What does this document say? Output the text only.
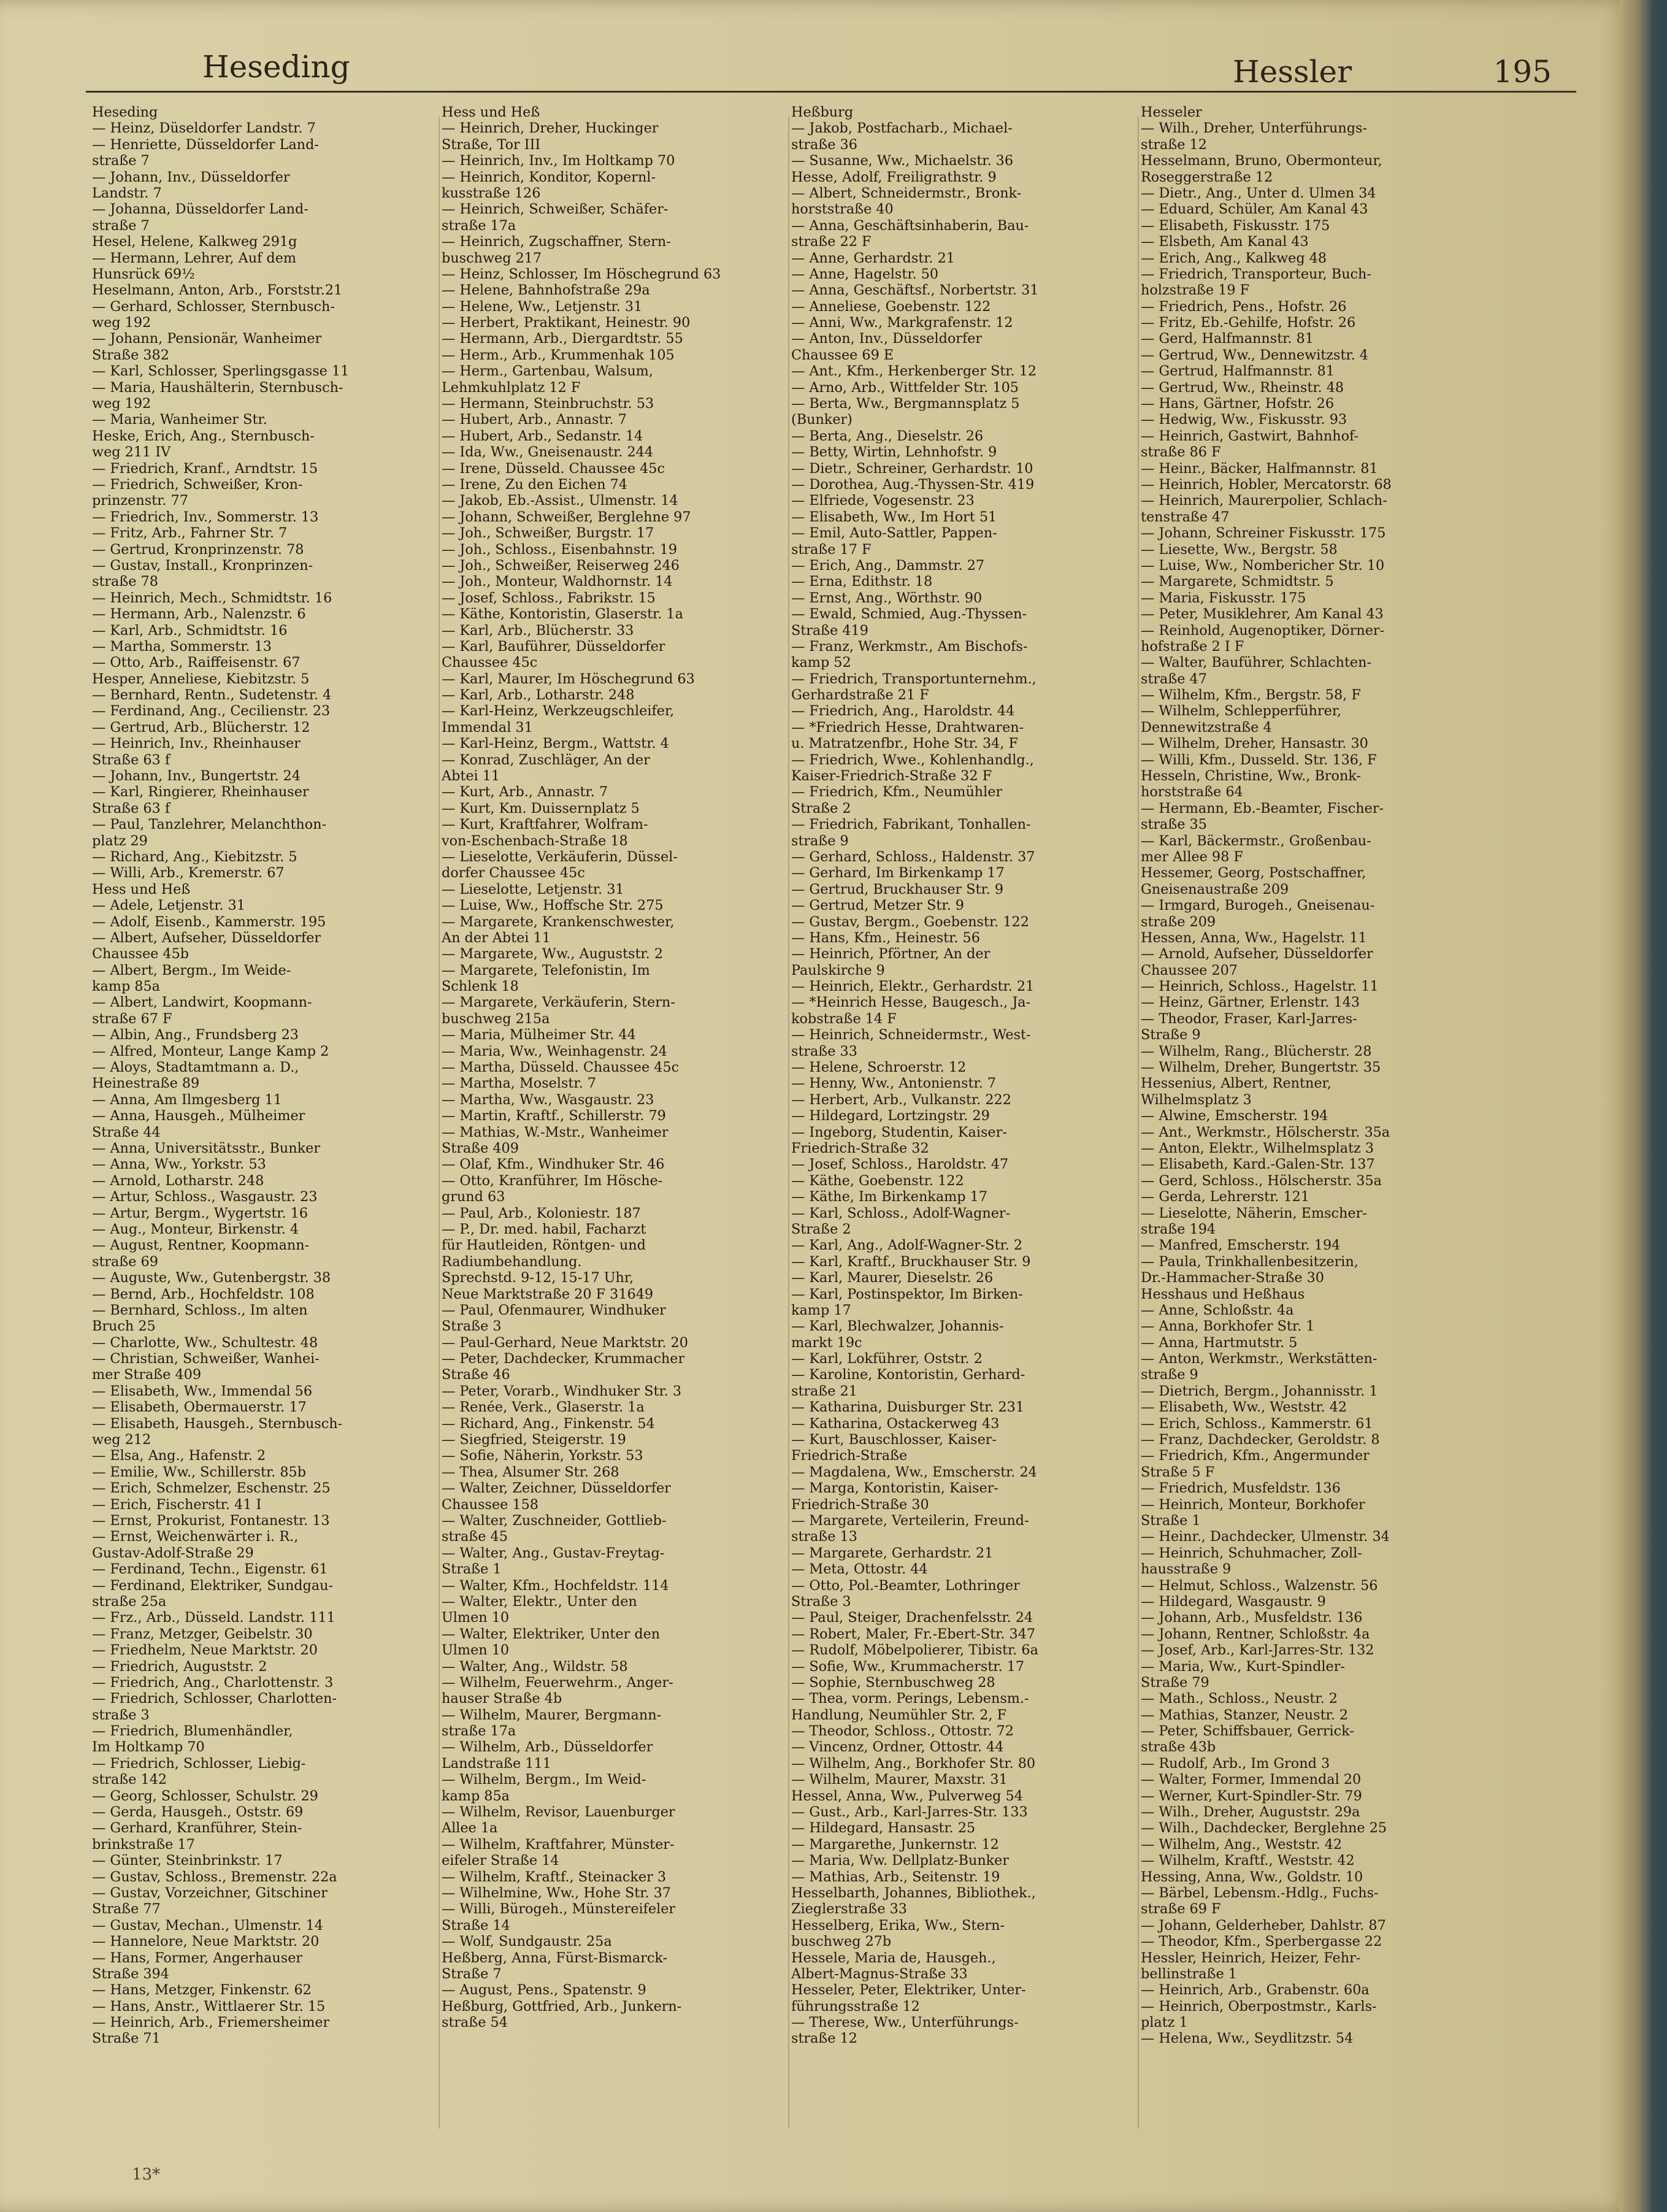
Heseding	Hessler	195
Heseding
— Heinz, Düseldorfer Landstr. 7
— Henriette, Düsseldorfer Land-
straße 7
— Johann, Inv., Düsseldorfer
Landstr. 7
— Johanna, Düsseldorfer Land-
straße 7
Hesel, Helene, Kalkweg 291g
— Hermann, Lehrer, Auf dem
Hunsrück 69½
Heselmann, Anton, Arb., Forststr.21
— Gerhard, Schlosser, Sternbusch-
weg 192
— Johann, Pensionär, Wanheimer
Straße 382
— Karl, Schlosser, Sperlingsgasse 11
— Maria, Haushälterin, Sternbusch-
weg 192
— Maria, Wanheimer Str.
Heske, Erich, Ang., Sternbusch-
weg 211 IV
— Friedrich, Kranf., Arndtstr. 15
— Friedrich, Schweißer, Kron-
prinzenstr. 77
— Friedrich, Inv., Sommerstr. 13
— Fritz, Arb., Fahrner Str. 7
— Gertrud, Kronprinzenstr. 78
— Gustav, Install., Kronprinzen-
straße 78
— Heinrich, Mech., Schmidtstr. 16
— Hermann, Arb., Nalenzstr. 6
— Karl, Arb., Schmidtstr. 16
— Martha, Sommerstr. 13
— Otto, Arb., Raiffeisenstr. 67
Hesper, Anneliese, Kiebitzstr. 5
— Bernhard, Rentn., Sudetenstr. 4
— Ferdinand, Ang., Cecilienstr. 23
— Gertrud, Arb., Blücherstr. 12
— Heinrich, Inv., Rheinhauser
Straße 63 f
— Johann, Inv., Bungertstr. 24
— Karl, Ringierer, Rheinhauser
Straße 63 f
— Paul, Tanzlehrer, Melanchthon-
platz 29
— Richard, Ang., Kiebitzstr. 5
— Willi, Arb., Kremerstr. 67
Hess und Heß
— Adele, Letjenstr. 31
— Adolf, Eisenb., Kammerstr. 195
— Albert, Aufseher, Düsseldorfer
Chaussee 45b
— Albert, Bergm., Im Weide-
kamp 85a
— Albert, Landwirt, Koopmann-
straße 67 F
— Albin, Ang., Frundsberg 23
— Alfred, Monteur, Lange Kamp 2
— Aloys, Stadtamtmann a. D.,
Heinestraße 89
— Anna, Am Ilmgesberg 11
— Anna, Hausgeh., Mülheimer
Straße 44
— Anna, Universitätsstr., Bunker
— Anna, Ww., Yorkstr. 53
— Arnold, Lotharstr. 248
— Artur, Schloss., Wasgaustr. 23
— Artur, Bergm., Wygertstr. 16
— Aug., Monteur, Birkenstr. 4
— August, Rentner, Koopmann-
straße 69
— Auguste, Ww., Gutenbergstr. 38
— Bernd, Arb., Hochfeldstr. 108
— Bernhard, Schloss., Im alten
Bruch 25
— Charlotte, Ww., Schultestr. 48
— Christian, Schweißer, Wanhei-
mer Straße 409
— Elisabeth, Ww., Immendal 56
— Elisabeth, Obermauerstr. 17
— Elisabeth, Hausgeh., Sternbusch-
weg 212
— Elsa, Ang., Hafenstr. 2
— Emilie, Ww., Schillerstr. 85b
— Erich, Schmelzer, Eschenstr. 25
— Erich, Fischerstr. 41 I
— Ernst, Prokurist, Fontanestr. 13
— Ernst, Weichenwärter i. R.,
Gustav-Adolf-Straße 29
— Ferdinand, Techn., Eigenstr. 61
— Ferdinand, Elektriker, Sundgau-
straße 25a
— Frz., Arb., Düsseld. Landstr. 111
— Franz, Metzger, Geibelstr. 30
— Friedhelm, Neue Marktstr. 20
— Friedrich, Auguststr. 2
— Friedrich, Ang., Charlottenstr. 3
— Friedrich, Schlosser, Charlotten-
straße 3
— Friedrich, Blumenhändler,
Im Holtkamp 70
— Friedrich, Schlosser, Liebig-
straße 142
— Georg, Schlosser, Schulstr. 29
— Gerda, Hausgeh., Oststr. 69
— Gerhard, Kranführer, Stein-
brinkstraße 17
— Günter, Steinbrinkstr. 17
— Gustav, Schloss., Bremenstr. 22a
— Gustav, Vorzeichner, Gitschiner
Straße 77
— Gustav, Mechan., Ulmenstr. 14
— Hannelore, Neue Marktstr. 20
— Hans, Former, Angerhauser
Straße 394
— Hans, Metzger, Finkenstr. 62
— Hans, Anstr., Wittlaerer Str. 15
— Heinrich, Arb., Friemersheimer
Straße 71
Hess und Heß
— Heinrich, Dreher, Huckinger
Straße, Tor III
— Heinrich, Inv., Im Holtkamp 70
— Heinrich, Konditor, Kopernl-
kusstraße 126
— Heinrich, Schweißer, Schäfer-
straße 17a
— Heinrich, Zugschaffner, Stern-
buschweg 217
— Heinz, Schlosser, Im Höschegrund 63
— Helene, Bahnhofstraße 29a
— Helene, Ww., Letjenstr. 31
— Herbert, Praktikant, Heinestr. 90
— Hermann, Arb., Diergardtstr. 55
— Herm., Arb., Krummenhak 105
— Herm., Gartenbau, Walsum,
Lehmkuhlplatz 12 F
— Hermann, Steinbruchstr. 53
— Hubert, Arb., Annastr. 7
— Hubert, Arb., Sedanstr. 14
— Ida, Ww., Gneisenaustr. 244
— Irene, Düsseld. Chaussee 45c
— Irene, Zu den Eichen 74
— Jakob, Eb.-Assist., Ulmenstr. 14
— Johann, Schweißer, Berglehne 97
— Joh., Schweißer, Burgstr. 17
— Joh., Schloss., Eisenbahnstr. 19
— Joh., Schweißer, Reiserweg 246
— Joh., Monteur, Waldhornstr. 14
— Josef, Schloss., Fabrikstr. 15
— Käthe, Kontoristin, Glaserstr. 1a
— Karl, Arb., Blücherstr. 33
— Karl, Bauführer, Düsseldorfer
Chaussee 45c
— Karl, Maurer, Im Höschegrund 63
— Karl, Arb., Lotharstr. 248
— Karl-Heinz, Werkzeugschleifer,
Immendal 31
— Karl-Heinz, Bergm., Wattstr. 4
— Konrad, Zuschläger, An der
Abtei 11
— Kurt, Arb., Annastr. 7
— Kurt, Km. Duissernplatz 5
— Kurt, Kraftfahrer, Wolfram-
von-Eschenbach-Straße 18
— Lieselotte, Verkäuferin, Düssel-
dorfer Chaussee 45c
— Lieselotte, Letjenstr. 31
— Luise, Ww., Hoffsche Str. 275
— Margarete, Krankenschwester,
An der Abtei 11
— Margarete, Ww., Auguststr. 2
— Margarete, Telefonistin, Im
Schlenk 18
— Margarete, Verkäuferin, Stern-
buschweg 215a
— Maria, Mülheimer Str. 44
— Maria, Ww., Weinhagenstr. 24
— Martha, Düsseld. Chaussee 45c
— Martha, Moselstr. 7
— Martha, Ww., Wasgaustr. 23
— Martin, Kraftf., Schillerstr. 79
— Mathias, W.-Mstr., Wanheimer
Straße 409
— Olaf, Kfm., Windhuker Str. 46
— Otto, Kranführer, Im Hösche-
grund 63
— Paul, Arb., Koloniestr. 187
— P., Dr. med. habil, Facharzt
für Hautleiden, Röntgen- und
Radiumbehandlung.
Sprechstd. 9-12, 15-17 Uhr,
Neue Marktstraße 20 F 31649
— Paul, Ofenmaurer, Windhuker
Straße 3
— Paul-Gerhard, Neue Marktstr. 20
— Peter, Dachdecker, Krummacher
Straße 46
— Peter, Vorarb., Windhuker Str. 3
— Renée, Verk., Glaserstr. 1a
— Richard, Ang., Finkenstr. 54
— Siegfried, Steigerstr. 19
— Sofie, Näherin, Yorkstr. 53
— Thea, Alsumer Str. 268
— Walter, Zeichner, Düsseldorfer
Chaussee 158
— Walter, Zuschneider, Gottlieb-
straße 45
— Walter, Ang., Gustav-Freytag-
Straße 1
— Walter, Kfm., Hochfeldstr. 114
— Walter, Elektr., Unter den
Ulmen 10
— Walter, Elektriker, Unter den
Ulmen 10
— Walter, Ang., Wildstr. 58
— Wilhelm, Feuerwehrm., Anger-
hauser Straße 4b
— Wilhelm, Maurer, Bergmann-
straße 17a
— Wilhelm, Arb., Düsseldorfer
Landstraße 111
— Wilhelm, Bergm., Im Weid-
kamp 85a
— Wilhelm, Revisor, Lauenburger
Allee 1a
— Wilhelm, Kraftfahrer, Münster-
eifeler Straße 14
— Wilhelm, Kraftf., Steinacker 3
— Wilhelmine, Ww., Hohe Str. 37
— Willi, Bürogeh., Münstereifeler
Straße 14
— Wolf, Sundgaustr. 25a
Heßberg, Anna, Fürst-Bismarck-
Straße 7
— August, Pens., Spatenstr. 9
Heßburg, Gottfried, Arb., Junkern-
straße 54
Heßburg
— Jakob, Postfacharb., Michael-
straße 36
— Susanne, Ww., Michaelstr. 36
Hesse, Adolf, Freiligrathstr. 9
— Albert, Schneidermstr., Bronk-
horststraße 40
— Anna, Geschäftsinhaberin, Bau-
straße 22 F
— Anne, Gerhardstr. 21
— Anne, Hagelstr. 50
— Anna, Geschäftsf., Norbertstr. 31
— Anneliese, Goebenstr. 122
— Anni, Ww., Markgrafenstr. 12
— Anton, Inv., Düsseldorfer
Chaussee 69 E
— Ant., Kfm., Herkenberger Str. 12
— Arno, Arb., Wittfelder Str. 105
— Berta, Ww., Bergmannsplatz 5
(Bunker)
— Berta, Ang., Dieselstr. 26
— Betty, Wirtin, Lehnhofstr. 9
— Dietr., Schreiner, Gerhardstr. 10
— Dorothea, Aug.-Thyssen-Str. 419
— Elfriede, Vogesenstr. 23
— Elisabeth, Ww., Im Hort 51
— Emil, Auto-Sattler, Pappen-
straße 17 F
— Erich, Ang., Dammstr. 27
— Erna, Edithstr. 18
— Ernst, Ang., Wörthstr. 90
— Ewald, Schmied, Aug.-Thyssen-
Straße 419
— Franz, Werkmstr., Am Bischofs-
kamp 52
— Friedrich, Transportunternehm.,
Gerhardstraße 21 F
— Friedrich, Ang., Haroldstr. 44
— *Friedrich Hesse, Drahtwaren-
u. Matratzenfbr., Hohe Str. 34, F
— Friedrich, Wwe., Kohlenhandlg.,
Kaiser-Friedrich-Straße 32 F
— Friedrich, Kfm., Neumühler
Straße 2
— Friedrich, Fabrikant, Tonhallen-
straße 9
— Gerhard, Schloss., Haldenstr. 37
— Gerhard, Im Birkenkamp 17
— Gertrud, Bruckhauser Str. 9
— Gertrud, Metzer Str. 9
— Gustav, Bergm., Goebenstr. 122
— Hans, Kfm., Heinestr. 56
— Heinrich, Pförtner, An der
Paulskirche 9
— Heinrich, Elektr., Gerhardstr. 21
— *Heinrich Hesse, Baugesch., Ja-
kobstraße 14 F
— Heinrich, Schneidermstr., West-
straße 33
— Helene, Schroerstr. 12
— Henny, Ww., Antonienstr. 7
— Herbert, Arb., Vulkanstr. 222
— Hildegard, Lortzingstr. 29
— Ingeborg, Studentin, Kaiser-
Friedrich-Straße 32
— Josef, Schloss., Haroldstr. 47
— Käthe, Goebenstr. 122
— Käthe, Im Birkenkamp 17
— Karl, Schloss., Adolf-Wagner-
Straße 2
— Karl, Ang., Adolf-Wagner-Str. 2
— Karl, Kraftf., Bruckhauser Str. 9
— Karl, Maurer, Dieselstr. 26
— Karl, Postinspektor, Im Birken-
kamp 17
— Karl, Blechwalzer, Johannis-
markt 19c
— Karl, Lokführer, Oststr. 2
— Karoline, Kontoristin, Gerhard-
straße 21
— Katharina, Duisburger Str. 231
— Katharina, Ostackerweg 43
— Kurt, Bauschlosser, Kaiser-
Friedrich-Straße
— Magdalena, Ww., Emscherstr. 24
— Marga, Kontoristin, Kaiser-
Friedrich-Straße 30
— Margarete, Verteilerin, Freund-
straße 13
— Margarete, Gerhardstr. 21
— Meta, Ottostr. 44
— Otto, Pol.-Beamter, Lothringer
Straße 3
— Paul, Steiger, Drachenfelsstr. 24
— Robert, Maler, Fr.-Ebert-Str. 347
— Rudolf, Möbelpolierer, Tibistr. 6a
— Sofie, Ww., Krummacherstr. 17
— Sophie, Sternbuschweg 28
— Thea, vorm. Perings, Lebensm.-
Handlung, Neumühler Str. 2, F
— Theodor, Schloss., Ottostr. 72
— Vincenz, Ordner, Ottostr. 44
— Wilhelm, Ang., Borkhofer Str. 80
— Wilhelm, Maurer, Maxstr. 31
Hessel, Anna, Ww., Pulverweg 54
— Gust., Arb., Karl-Jarres-Str. 133
— Hildegard, Hansastr. 25
— Margarethe, Junkernstr. 12
— Maria, Ww. Dellplatz-Bunker
— Mathias, Arb., Seitenstr. 19
Hesselbarth, Johannes, Bibliothek.,
Zieglerstraße 33
Hesselberg, Erika, Ww., Stern-
buschweg 27b
Hessele, Maria de, Hausgeh.,
Albert-Magnus-Straße 33
Hesseler, Peter, Elektriker, Unter-
führungsstraße 12
— Therese, Ww., Unterführungs-
straße 12
Hesseler
— Wilh., Dreher, Unterführungs-
straße 12
Hesselmann, Bruno, Obermonteur,
Roseggerstraße 12
— Dietr., Ang., Unter d. Ulmen 34
— Eduard, Schüler, Am Kanal 43
— Elisabeth, Fiskusstr. 175
— Elsbeth, Am Kanal 43
— Erich, Ang., Kalkweg 48
— Friedrich, Transporteur, Buch-
holzstraße 19 F
— Friedrich, Pens., Hofstr. 26
— Fritz, Eb.-Gehilfe, Hofstr. 26
— Gerd, Halfmannstr. 81
— Gertrud, Ww., Dennewitzstr. 4
— Gertrud, Halfmannstr. 81
— Gertrud, Ww., Rheinstr. 48
— Hans, Gärtner, Hofstr. 26
— Hedwig, Ww., Fiskusstr. 93
— Heinrich, Gastwirt, Bahnhof-
straße 86 F
— Heinr., Bäcker, Halfmannstr. 81
— Heinrich, Hobler, Mercatorstr. 68
— Heinrich, Maurerpolier, Schlach-
tenstraße 47
— Johann, Schreiner Fiskusstr. 175
— Liesette, Ww., Bergstr. 58
— Luise, Ww., Nombericher Str. 10
— Margarete, Schmidtstr. 5
— Maria, Fiskusstr. 175
— Peter, Musiklehrer, Am Kanal 43
— Reinhold, Augenoptiker, Dörner-
hofstraße 2 I F
— Walter, Bauführer, Schlachten-
straße 47
— Wilhelm, Kfm., Bergstr. 58, F
— Wilhelm, Schlepperführer,
Dennewitzstraße 4
— Wilhelm, Dreher, Hansastr. 30
— Willi, Kfm., Dusseld. Str. 136, F
Hesseln, Christine, Ww., Bronk-
horststraße 64
— Hermann, Eb.-Beamter, Fischer-
straße 35
— Karl, Bäckermstr., Großenbau-
mer Allee 98 F
Hessemer, Georg, Postschaffner,
Gneisenaustraße 209
— Irmgard, Burogeh., Gneisenau-
straße 209
Hessen, Anna, Ww., Hagelstr. 11
— Arnold, Aufseher, Düsseldorfer
Chaussee 207
— Heinrich, Schloss., Hagelstr. 11
— Heinz, Gärtner, Erlenstr. 143
— Theodor, Fraser, Karl-Jarres-
Straße 9
— Wilhelm, Rang., Blücherstr. 28
— Wilhelm, Dreher, Bungertstr. 35
Hessenius, Albert, Rentner,
Wilhelmsplatz 3
— Alwine, Emscherstr. 194
— Ant., Werkmstr., Hölscherstr. 35a
— Anton, Elektr., Wilhelmsplatz 3
— Elisabeth, Kard.-Galen-Str. 137
— Gerd, Schloss., Hölscherstr. 35a
— Gerda, Lehrerstr. 121
— Lieselotte, Näherin, Emscher-
straße 194
— Manfred, Emscherstr. 194
— Paula, Trinkhallenbesitzerin,
Dr.-Hammacher-Straße 30
Hesshaus und Heßhaus
— Anne, Schloßstr. 4a
— Anna, Borkhofer Str. 1
— Anna, Hartmutstr. 5
— Anton, Werkmstr., Werkstätten-
straße 9
— Dietrich, Bergm., Johannisstr. 1
— Elisabeth, Ww., Weststr. 42
— Erich, Schloss., Kammerstr. 61
— Franz, Dachdecker, Geroldstr. 8
— Friedrich, Kfm., Angermunder
Straße 5 F
— Friedrich, Musfeldstr. 136
— Heinrich, Monteur, Borkhofer
Straße 1
— Heinr., Dachdecker, Ulmenstr. 34
— Heinrich, Schuhmacher, Zoll-
hausstraße 9
— Helmut, Schloss., Walzenstr. 56
— Hildegard, Wasgaustr. 9
— Johann, Arb., Musfeldstr. 136
— Johann, Rentner, Schloßstr. 4a
— Josef, Arb., Karl-Jarres-Str. 132
— Maria, Ww., Kurt-Spindler-
Straße 79
— Math., Schloss., Neustr. 2
— Mathias, Stanzer, Neustr. 2
— Peter, Schiffsbauer, Gerrick-
straße 43b
— Rudolf, Arb., Im Grond 3
— Walter, Former, Immendal 20
— Werner, Kurt-Spindler-Str. 79
— Wilh., Dreher, Auguststr. 29a
— Wilh., Dachdecker, Berglehne 25
— Wilhelm, Ang., Weststr. 42
— Wilhelm, Kraftf., Weststr. 42
Hessing, Anna, Ww., Goldstr. 10
— Bärbel, Lebensm.-Hdlg., Fuchs-
straße 69 F
— Johann, Gelderheber, Dahlstr. 87
— Theodor, Kfm., Sperbergasse 22
Hessler, Heinrich, Heizer, Fehr-
bellinstraße 1
— Heinrich, Arb., Grabenstr. 60a
— Heinrich, Oberpostmstr., Karls-
platz 1
— Helena, Ww., Seydlitzstr. 54
13*
